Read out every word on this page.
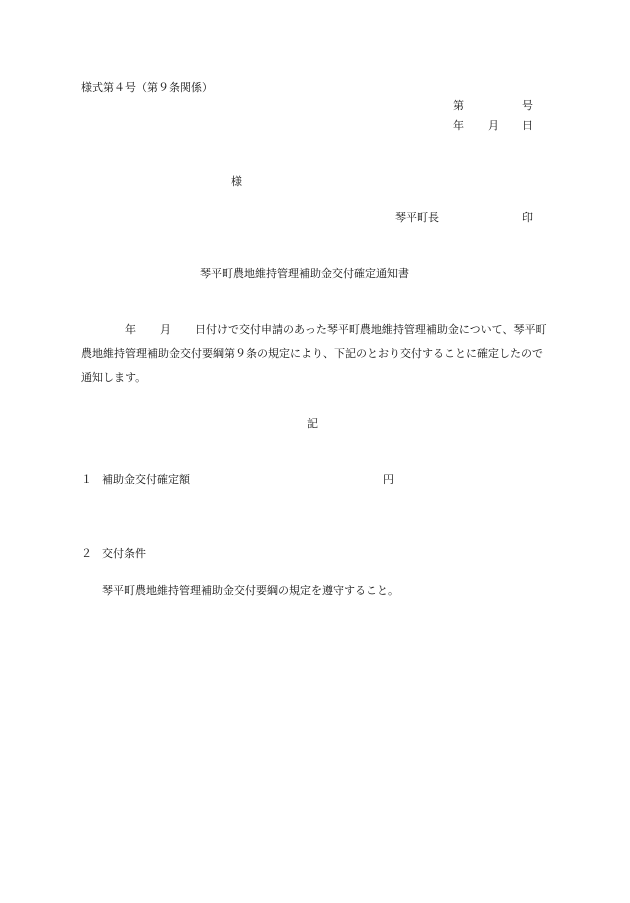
様式第４号（第９条関係）
第	号
年 月 日
様
琴平町長	印
琴平町農地維持管理補助金交付確定通知書
年 月 日付けで交付申請のあった琴平町農地維持管理補助金について、琴平町農地維持管理補助金交付要綱第９条の規定により、下記のとおり交付することに確定したので通知します。
記
１ 補助金交付確定額	円
２ 交付条件
琴平町農地維持管理補助金交付要綱の規定を遵守すること。
